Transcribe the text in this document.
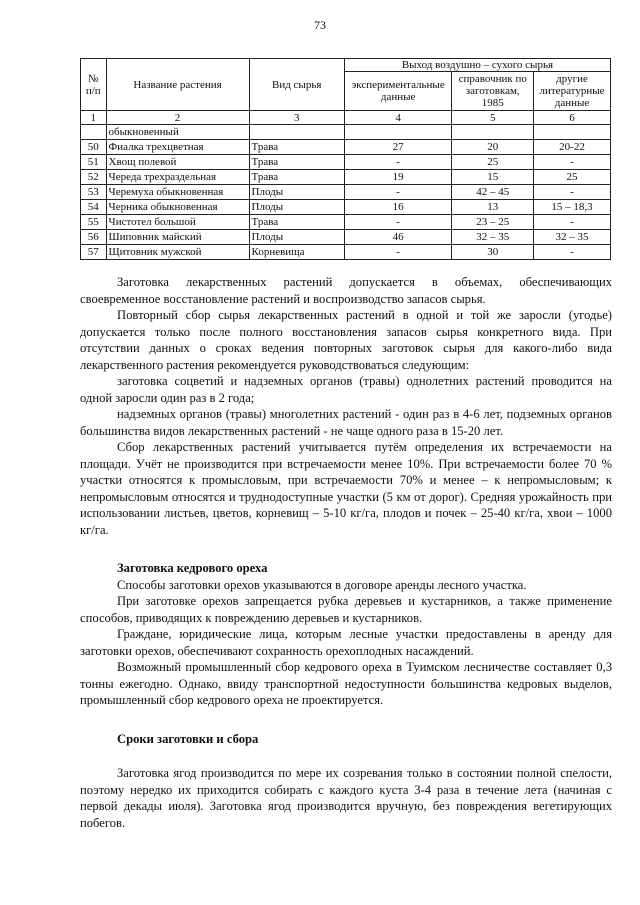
73
№ п/п	Название растения	Вид сырья	Выход воздушно – сухого сырья		
			экспериментальные данные	справочник по заготовкам, 1985	другие литературные данные
1	2	3	4	5	6
	обыкновенный				
50	Фиалка трехцветная	Трава	27	20	20-22
51	Хвощ полевой	Трава	-	25	-
52	Череда трехраздельная	Трава	19	15	25
53	Черемуха обыкновенная	Плоды	-	42 – 45	-
54	Черника обыкновенная	Плоды	16	13	15 – 18,3
55	Чистотел большой	Трава	-	23 – 25	-
56	Шиповник майский	Плоды	46	32 – 35	32 – 35
57	Щитовник мужской	Корневища	-	30	-

Заготовка лекарственных растений допускается в объемах, обеспечивающих своевременное восстановление растений и воспроизводство запасов сырья.

Повторный сбор сырья лекарственных растений в одной и той же заросли (угодье) допускается только после полного восстановления запасов сырья конкретного вида. При отсутствии данных о сроках ведения повторных заготовок сырья для какого-либо вида лекарственного растения рекомендуется руководствоваться следующим:

заготовка соцветий и надземных органов (травы) однолетних растений проводится на одной заросли один раз в 2 года;

надземных органов (травы) многолетних растений - один раз в 4-6 лет, подземных органов большинства видов лекарственных растений - не чаще одного раза в 15-20 лет.

Сбор лекарственных растений учитывается путём определения их встречаемости на площади. Учёт не производится при встречаемости менее 10%. При встречаемости более 70 % участки относятся к промысловым, при встречаемости 70% и менее – к непромысловым; к непромысловым относятся и труднодоступные участки (5 км от дорог). Средняя урожайность при использовании листьев, цветов, корневищ – 5-10 кг/га, плодов и почек – 25-40 кг/га, хвои – 1000 кг/га.

Заготовка кедрового ореха

Способы заготовки орехов указываются в договоре аренды лесного участка.

При заготовке орехов запрещается рубка деревьев и кустарников, а также применение способов, приводящих к повреждению деревьев и кустарников.

Граждане, юридические лица, которым лесные участки предоставлены в аренду для заготовки орехов, обеспечивают сохранность орехоплодных насаждений.

Возможный промышленный сбор кедрового ореха в Туимском лесничестве составляет 0,3 тонны ежегодно. Однако, ввиду транспортной недоступности большинства кедровых выделов, промышленный сбор кедрового ореха не проектируется.

Сроки заготовки и сбора

Заготовка ягод производится по мере их созревания только в состоянии полной спелости, поэтому нередко их приходится собирать с каждого куста 3-4 раза в течение лета (начиная с первой декады июля). Заготовка ягод производится вручную, без повреждения вегетирующих побегов.
